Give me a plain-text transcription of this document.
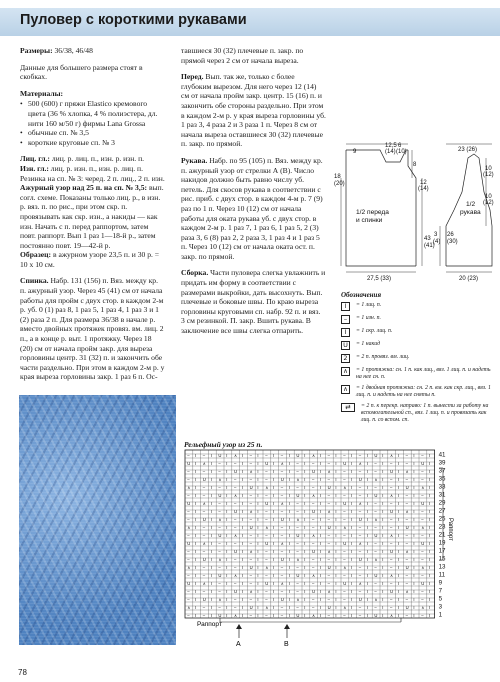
Пуловер с короткими рукавами

Размеры: 36/38, 46/48

Данные для большего размера стоят в скобках.

Материалы:

• 500 (600) г пряжи Elastico кремового цвета (36 % хлопка, 4 % полиэстера, дл. нити 160 м/50 г) фирмы Lana Grossa
• обычные сп. № 3,5
• короткие круговые сп. № 3

Лиц. гл.: лиц. р. лиц. п., изн. р. изн. п.
Изн. гл.: лиц. р. изн. п., изн. р. лиц. п.
Резинка на сп. № 3: чеpед. 2 п. лиц., 2 п. изн.
Ажурный узор над 25 п. на сп. № 3,5: вып. согл. схеме. Показаны только лиц. р., в изн. р. вяз. п. по рис., при этом скр. п. провязывать как скр. изн., а накиды — как изн. Начать с п. перед раппортом, затем повт. раппорт. Вып 1 раз 1—18-й р., затем постоянно повт. 19—42-й р.
Образец: в ажурном узоре 23,5 п. и 30 р. = 10 х 10 см.

Спинка. Набр. 131 (156) п. Вяз. между кр. п. ажурный узор. Через 45 (41) см от начала работы для пройм с двух стор. в каждом 2-м р. уб. 0 (1) раз 8, 1 раз 5, 1 раз 4, 1 раз 3 и 1 (2) раза 2 п. Для размера 36/38 в начале р. вместо двойных протяжек провяз. вм. лиц. 2 п., а в конце р. выт. 1 протяжку. Через 18 (20) см от начала пройм закр. для выреза горловины центр. 31 (32) п. и закончить обе части раздельно. При этом в каждом 2-м р. у края выреза горловины закр. 1 раз 6 п. Ос-

тавшиеся 30 (32) плечевые п. закр. по прямой через 2 см от начала выреза.

Перед. Вып. так же, только с более глубоким вырезом. Для него через 12 (14) см от начала пройм закр. центр. 15 (16) п. и закончить обе стороны раздельно. При этом в каждом 2-м р. у края выреза горловины уб. 1 раз 3, 4 раза 2 и 3 раза 1 п. Через 8 см от начала выреза оставшиеся 30 (32) плечевые п. закр. по прямой.

Рукава. Набр. по 95 (105) п. Вяз. между кр. п. ажурный узор от стрелки А (В). Число накидов должно быть равно числу уб. петель. Для скосов рукава в соответствии с рис. приб. с двух стор. в каждом 4-м р. 7 (9) раз по 1 п. Через 10 (12) см от начала работы для оката рукава уб. с двух стор. в каждом 2-м р. 1 раз 7, 1 раз 6, 1 раз 5, 2 (3) раза 3, 6 (8) раз 2, 2 раза 3, 1 раз 4 и 1 раз 5 п. Через 10 (12) см от начала оката ост. п. закр. по прямой.

Сборка. Части пуловера слегка увлажнить и придать им форму в соответствии с размерами выкройки, дать высохнуть. Вып. плечевые и боковые швы. По краю выреза горловины круговыми сп. набр. 92 п. и вяз. 3 см резинкой. П. закр. Вшить рукава. В заключение все швы слегка отпарить.

9
12,5
(14)
6
(10)
8
12
(14)
18
(20)
1/2 переда
и спинки
43
(41)
27,5 (33)
23 (26)
10
(12)
10
(12)
1/2
рукава
3
(4)
26
(30)
20 (23)
Обозначения
I	= 1 лиц. п.
–	= 1 изн. п.
I	= 1 скр. лиц. п.
U	= 1 накид
2	= 2 п. провяз. вм. лиц.
∧	= 1 протяжка: сн. 1 п. как лиц., вяз. 1 лиц. п. и надеть на нее сн. п.
∧	= 1 двойная протяжка: сн. 2 п. вм. как скр. лиц., вяз. 1 лиц. п. и надеть на нее сняты п.
⇄	= 2 п. к перекр. направо: 1 п. вынести за работу на вспомогательной сп., вяз. 1 лиц. п. и провязать как лиц. п. со вспом. сп.
Рельефный узор из 25 п.
– I – I U I ∧ I – I – I – I U I ∧ I – I – I – I U I ∧ I – I – I
U I ∧ I – I – I – I U I ∧ I – I – I – I U I ∧ I – I – I – I U I
– I – I – I U I ∧ I – I – I – I U I ∧ I – I – I – I U I ∧ I – I
– I U I ∧ I – I – I – I U I ∧ I – I – I – I U I ∧ I – I – I – I
∧ I – I – I – I U I ∧ I – I – I – I U I ∧ I – I – I – I U I ∧ I
– I – I U I ∧ I – I – I – I U I ∧ I – I – I – I U I ∧ I – I – I
U I ∧ I – I – I – I U I ∧ I – I – I – I U I ∧ I – I – I – I U I
– I – I – I U I ∧ I – I – I – I U I ∧ I – I – I – I U I ∧ I – I
– I U I ∧ I – I – I – I U I ∧ I – I – I – I U I ∧ I – I – I – I
∧ I – I – I – I U I ∧ I – I – I – I U I ∧ I – I – I – I U I ∧ I
– I – I U I ∧ I – I – I – I U I ∧ I – I – I – I U I ∧ I – I – I
U I ∧ I – I – I – I U I ∧ I – I – I – I U I ∧ I – I – I – I U I
– I – I – I U I ∧ I – I – I – I U I ∧ I – I – I – I U I ∧ I – I
– I U I ∧ I – I – I – I U I ∧ I – I – I – I U I ∧ I – I – I – I
∧ I – I – I – I U I ∧ I – I – I – I U I ∧ I – I – I – I U I ∧ I
– I – I U I ∧ I – I – I – I U I ∧ I – I – I – I U I ∧ I – I – I
U I ∧ I – I – I – I U I ∧ I – I – I – I U I ∧ I – I – I – I U I
– I – I – I U I ∧ I – I – I – I U I ∧ I – I – I – I U I ∧ I – I
– I U I ∧ I – I – I – I U I ∧ I – I – I – I U I ∧ I – I – I – I
∧ I – I – I – I U I ∧ I – I – I – I U I ∧ I – I – I – I U I ∧ I
– I – I U I ∧ I – I – I – I U I ∧ I – I – I – I U I ∧ I – I – I
41
39
37
35
33
31
29
27
25
23
21
19
17
15
13
11
9
7
5
3
1
Раппорт
Раппорт
A	B
78
